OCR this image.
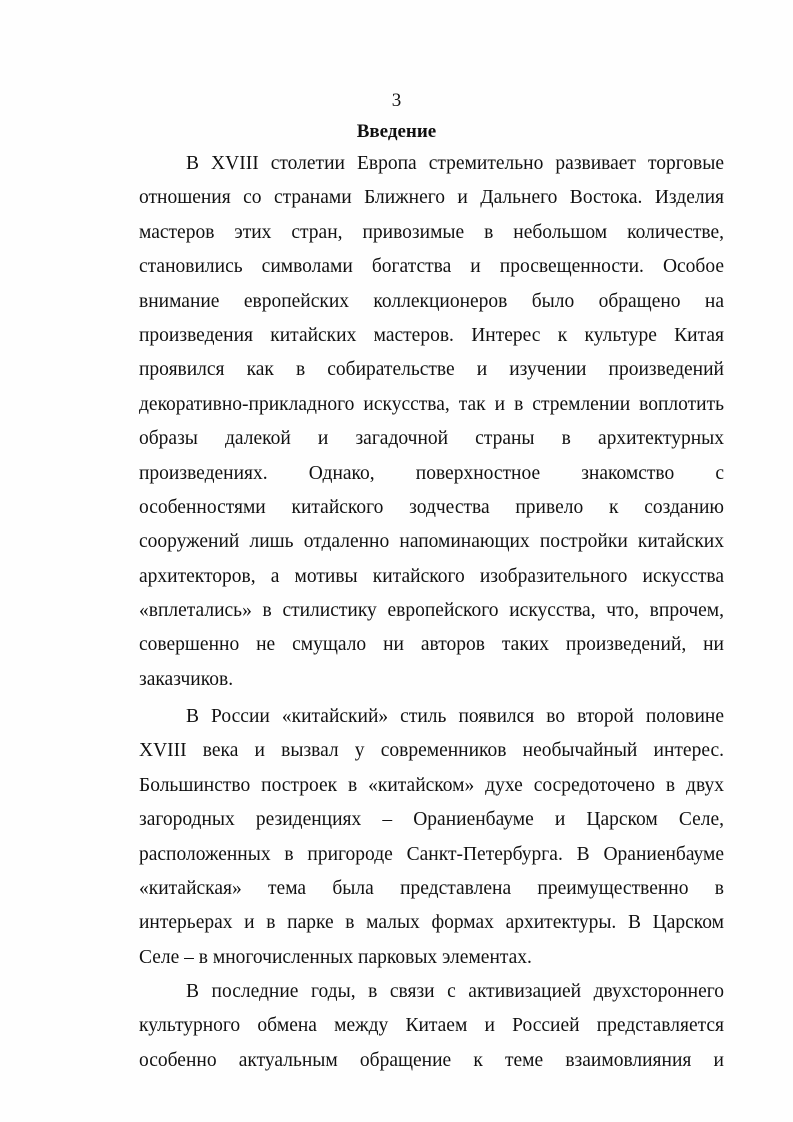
3
Введение
В XVIII столетии Европа стремительно развивает торговые
отношения со странами Ближнего и Дальнего Востока. Изделия
мастеров этих стран, привозимые в небольшом количестве,
становились символами богатства и просвещенности. Особое
внимание европейских коллекционеров было обращено на
произведения китайских мастеров. Интерес к культуре Китая
проявился как в собирательстве и изучении произведений
декоративно-прикладного искусства, так и в стремлении воплотить
образы далекой и загадочной страны в архитектурных
произведениях. Однако, поверхностное знакомство с
особенностями китайского зодчества привело к созданию
сооружений лишь отдаленно напоминающих постройки китайских
архитекторов, а мотивы китайского изобразительного искусства
«вплетались» в стилистику европейского искусства, что, впрочем,
совершенно не смущало ни авторов таких произведений, ни
заказчиков.
В России «китайский» стиль появился во второй половине
XVIII века и вызвал у современников необычайный интерес.
Большинство построек в «китайском» духе сосредоточено в двух
загородных резиденциях – Ораниенбауме и Царском Селе,
расположенных в пригороде Санкт-Петербурга. В Ораниенбауме
«китайская» тема была представлена преимущественно в
интерьерах и в парке в малых формах архитектуры. В Царском
Селе – в многочисленных парковых элементах.
В последние годы, в связи с активизацией двухстороннего
культурного обмена между Китаем и Россией представляется
особенно актуальным обращение к теме взаимовлияния и
